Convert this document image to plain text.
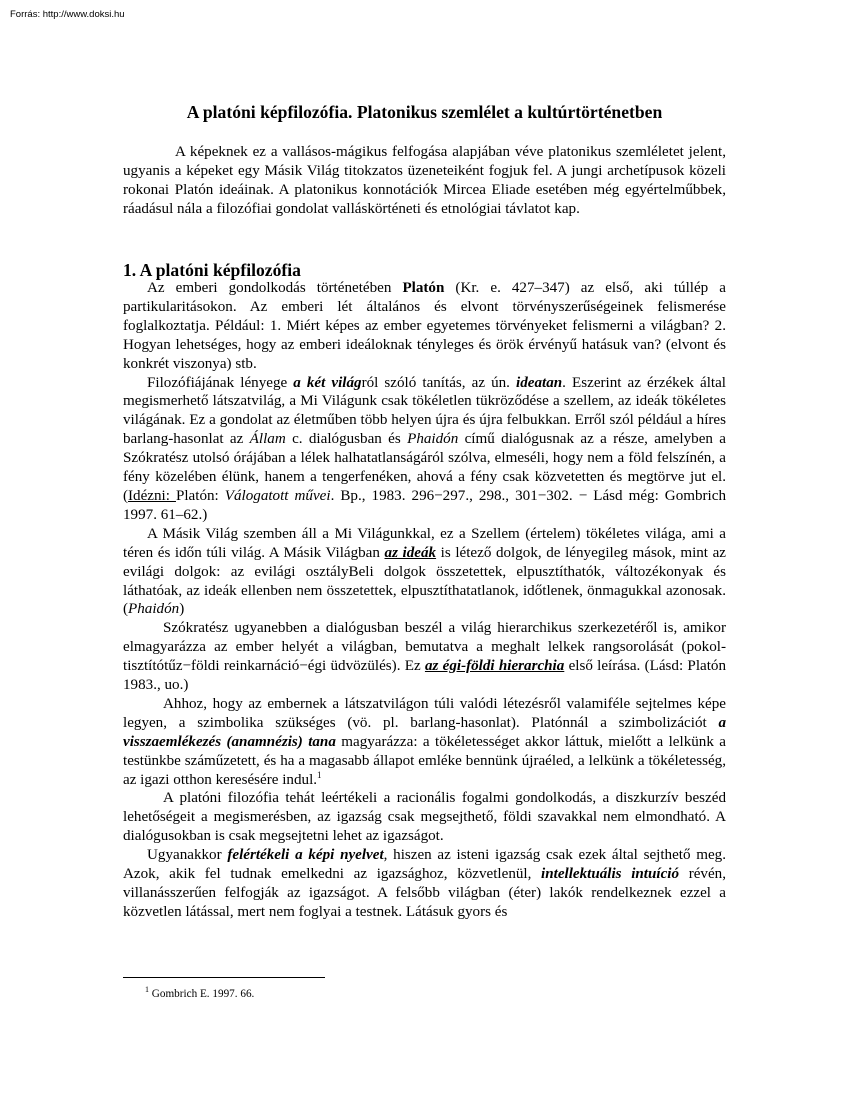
Forrás: http://www.doksi.hu
A platóni képfilozófia. Platonikus szemlélet a kultúrtörténetben

A képeknek ez a vallásos-mágikus felfogása alapjában véve platonikus szemléletet jelent, ugyanis a képeket egy Másik Világ titokzatos üzeneteiként fogjuk fel. A jungi archetípusok közeli rokonai Platón ideáinak. A platonikus konnotációk Mircea Eliade esetében még egyértelműbbek, ráadásul nála a filozófiai gondolat valláskörténeti és etnológiai távlatot kap.

1. A platóni képfilozófia

Az emberi gondolkodás történetében Platón (Kr. e. 427–347) az első, aki túllép a partikularitásokon. Az emberi lét általános és elvont törvényszerűségeinek felismerése foglalkoztatja. Például: 1. Miért képes az ember egyetemes törvényeket felismerni a világban? 2. Hogyan lehetséges, hogy az emberi ideáloknak tényleges és örök érvényű hatásuk van? (elvont és konkrét viszonya) stb.

Filozófiájának lényege a két világról szóló tanítás, az ún. ideatan. Eszerint az érzékek által megismerhető látszatvilág, a Mi Világunk csak tökéletlen tükröződése a szellem, az ideák tökéletes világának. Ez a gondolat az életműben több helyen újra és újra felbukkan. Erről szól például a híres barlang-hasonlat az Állam c. dialógusban és Phaidón című dialógusnak az a része, amelyben a Szókratész utolsó órájában a lélek halhatatlanságáról szólva, elmeséli, hogy nem a föld felszínén, a fény közelében élünk, hanem a tengerfenéken, ahová a fény csak közvetetten és megtörve jut el. (Idézni: Platón: Válogatott művei. Bp., 1983. 296−297., 298., 301−302. − Lásd még: Gombrich 1997. 61–62.)

A Másik Világ szemben áll a Mi Világunkkal, ez a Szellem (értelem) tökéletes világa, ami a téren és időn túli világ. A Másik Világban az ideák is létező dolgok, de lényegileg mások, mint az evilági dolgok: az evilági osztályBeli dolgok összetettek, elpusztíthatók, változékonyak és láthatóak, az ideák ellenben nem összetettek, elpusztíthatatlanok, időtlenek, önmagukkal azonosak. (Phaidón)

Szókratész ugyanebben a dialógusban beszél a világ hierarchikus szerkezetéről is, amikor elmagyarázza az ember helyét a világban, bemutatva a meghalt lelkek rangsorolását (pokol-tisztítótűz−földi reinkarnáció−égi üdvözülés). Ez az égi-földi hierarchia első leírása. (Lásd: Platón 1983., uo.)

Ahhoz, hogy az embernek a látszatvilágon túli valódi létezésről valamiféle sejtelmes képe legyen, a szimbolika szükséges (vö. pl. barlang-hasonlat). Platónnál a szimbolizációt a visszaemlékezés (anamnézis) tana magyarázza: a tökéletességet akkor láttuk, mielőtt a lelkünk a testünkbe száműzetett, és ha a magasabb állapot emléke bennünk újraéled, a lelkünk a tökéletesség, az igazi otthon keresésére indul.$^1$

A platóni filozófia tehát leértékeli a racionális fogalmi gondolkodás, a diszkurzív beszéd lehetőségeit a megismerésben, az igazság csak megsejthető, földi szavakkal nem elmondható. A dialógusokban is csak megsejtetni lehet az igazságot.

Ugyanakkor felértékeli a képi nyelvet, hiszen az isteni igazság csak ezek által sejthető meg. Azok, akik fel tudnak emelkedni az igazsághoz, közvetlenül, intellektuális intuíció révén, villanásszerűen felfogják az igazságot. A felsőbb világban (éter) lakók rendelkeznek ezzel a közvetlen látással, mert nem foglyai a testnek. Látásuk gyors és

$^1$ Gombrich E. 1997. 66.
